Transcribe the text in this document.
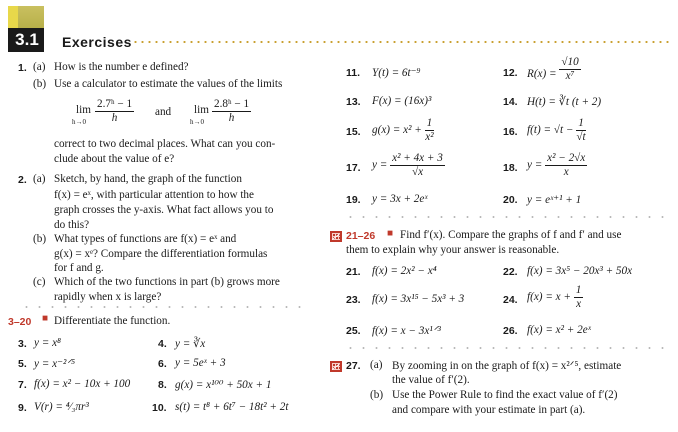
3.1	Exercises
1. (a) How is the number e defined?
(b) Use a calculator to estimate the values of the limits
lim
$h\to 0 \frac{\text{2.7ʰ − 1}}{h}$ and lim
$h\to 0 \frac{\text{2.8ʰ − 1}}{h}$
correct to two decimal places. What can you con-
clude about the value of e?
2. (a) Sketch, by hand, the graph of the function
f(x) = eˣ, with particular attention to how the
graph crosses the y-axis. What fact allows you to
do this?
(b) What types of functions are f(x) = eˣ and
g(x) = xᵉ? Compare the differentiation formulas
for f and g.
(c) Which of the two functions in part (b) grows more
rapidly when x is large?
3–20 ■ Differentiate the function.
3. y = x⁸	4. y = ∛x
5. y = x⁻²ᐟ⁵	6. y = 5eˣ + 3
7. f(x) = x² − 10x + 100	8. g(x) = x¹⁰⁰ + 50x + 1
9. V(r) = ⁴⁄₃πr³	10. s(t) = t⁸ + 6t⁷ − 18t² + 2t
11. Y(t) = 6t⁻⁹	12. $R(x) = \frac{√10}{\text{x⁷}}$
13. F(x) = (16x)³	14. H(t) = ∛t (t + 2)
15. $g(x) = x^2 + \frac{1}{\text{x²}}$	16. $f(t) = √t - \frac{1}{√t}$
17. $y = \frac{\text{x² + 4x + 3}}{√x}$	18. $y = \frac{\text{x² − 2√x}}{x}$
19. y = 3x + 2eˣ	20. y = eˣ⁺¹ + 1
21–26 ■ Find f′(x). Compare the graphs of f and f′ and use
them to explain why your answer is reasonable.
21. f(x) = 2x² − x⁴	22. f(x) = 3x⁵ − 20x³ + 50x
23. f(x) = 3x¹⁵ − 5x³ + 3	24. $f(x) = x + \frac{1}{x}$
25. f(x) = x − 3x¹ᐟ³	26. f(x) = x² + 2eˣ
27. (a) By zooming in on the graph of f(x) = x²ᐟ⁵, estimate
the value of f′(2).
(b) Use the Power Rule to find the exact value of f′(2)
and compare with your estimate in part (a).
